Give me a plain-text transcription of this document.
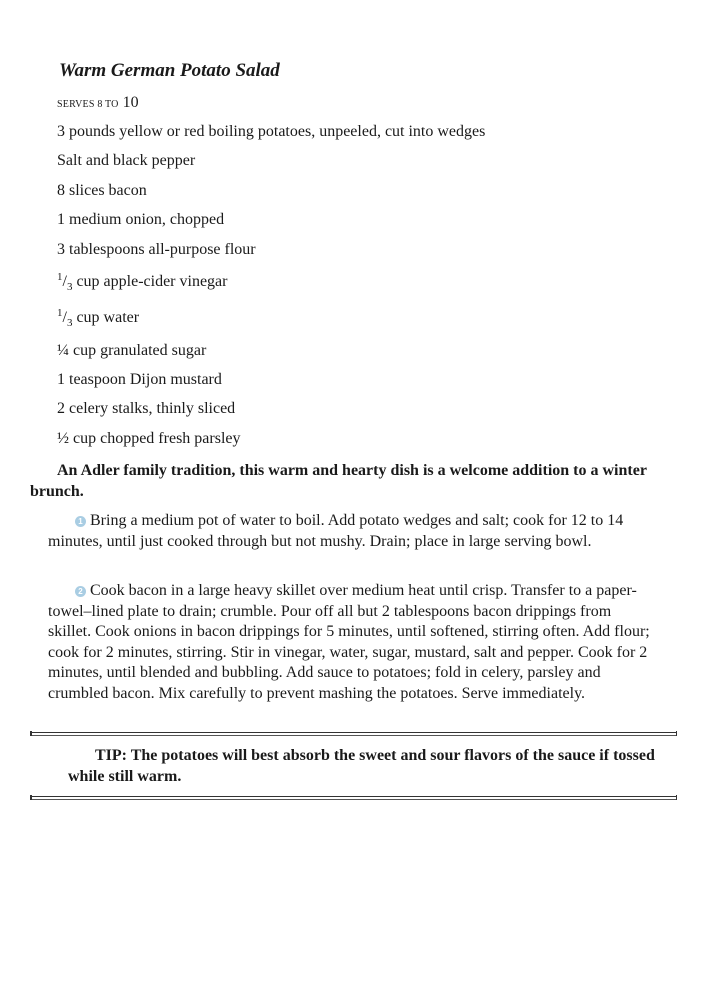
Warm German Potato Salad
SERVES 8 TO 10
3 pounds yellow or red boiling potatoes, unpeeled, cut into wedges
Salt and black pepper
8 slices bacon
1 medium onion, chopped
3 tablespoons all-purpose flour
$^1/_3$ cup apple-cider vinegar
$^1/_3$ cup water
¼ cup granulated sugar
1 teaspoon Dijon mustard
2 celery stalks, thinly sliced
½ cup chopped fresh parsley

An Adler family tradition, this warm and hearty dish is a welcome addition to a winter brunch.

1 Bring a medium pot of water to boil. Add potato wedges and salt; cook for 12 to 14 minutes, until just cooked through but not mushy. Drain; place in large serving bowl.

2 Cook bacon in a large heavy skillet over medium heat until crisp. Transfer to a paper-towel–lined plate to drain; crumble. Pour off all but 2 tablespoons bacon drippings from skillet. Cook onions in bacon drippings for 5 minutes, until softened, stirring often. Add flour; cook for 2 minutes, stirring. Stir in vinegar, water, sugar, mustard, salt and pepper. Cook for 2 minutes, until blended and bubbling. Add sauce to potatoes; fold in celery, parsley and crumbled bacon. Mix carefully to prevent mashing the potatoes. Serve immediately.

TIP: The potatoes will best absorb the sweet and sour flavors of the sauce if tossed while still warm.
